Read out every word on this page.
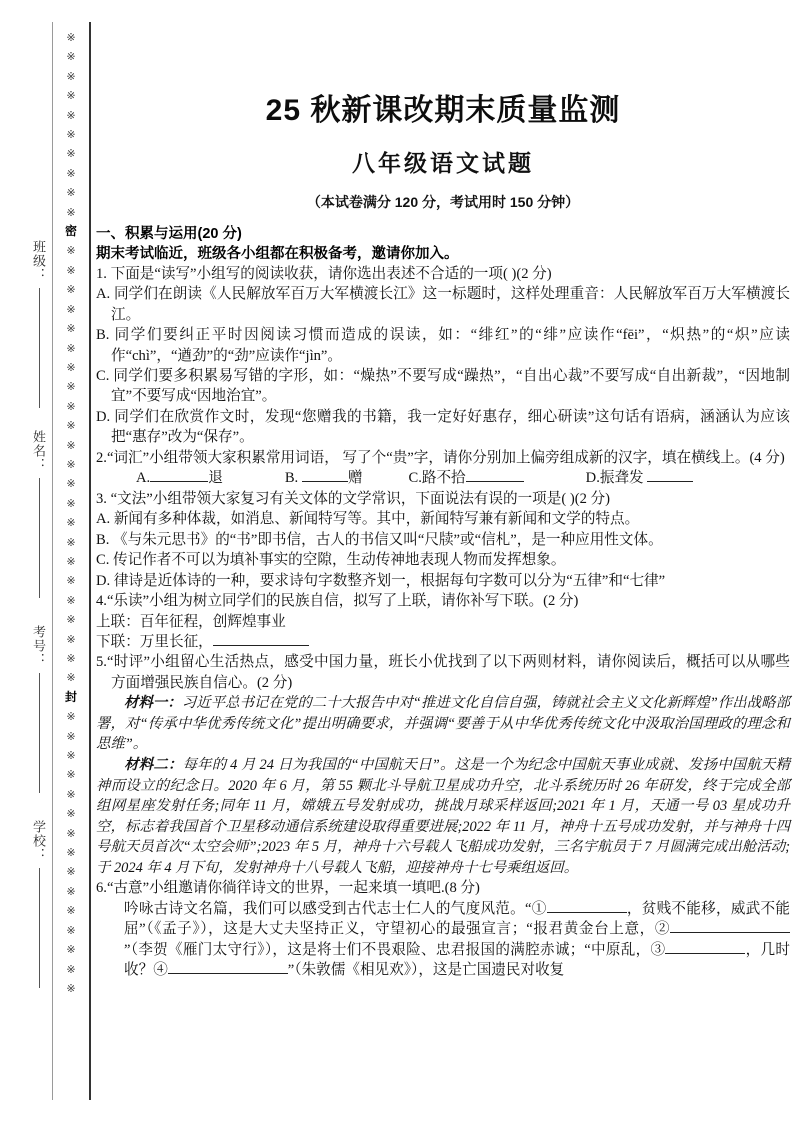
班级：
姓名：
考号：
学校：
※
※
※
※
※
※
※
※
※
※
密
※
※
※
※
※
※
※
※
※
※
※
※
※
※
※
※
※
※
※
※
※
※
※
封
※
※
※
※
※
※
※
※
※
※
※
※
※
※
※
25 秋新课改期末质量监测
八年级语文试题
（本试卷满分 120 分，考试用时 150 分钟）
一、积累与运用(20 分)
期末考试临近，班级各小组都在积极备考，邀请你加入。
1. 下面是“读写”小组写的阅读收获，请你选出表述不合适的一项( )(2 分)
A. 同学们在朗读《人民解放军百万大军横渡长江》这一标题时，这样处理重音：人民解放军百万大军横渡长江。
B. 同学们要纠正平时因阅读习惯而造成的误读，如：“绯红”的“绯”应读作“fēi”，“炽热”的“炽”应读作“chì”，“遒劲”的“劲”应读作“jìn”。
C. 同学们要多积累易写错的字形，如：“燥热”不要写成“躁热”，“自出心裁”不要写成“自出新裁”，“因地制宜”不要写成“因地治宜”。
D. 同学们在欣赏作文时，发现“您赠我的书籍，我一定好好惠存，细心研读”这句话有语病，涵涵认为应该把“惠存”改为“保存”。
2.“词汇”小组带领大家积累常用词语， 写了个“贵”字，请你分别加上偏旁组成新的汉字，填在横线上。(4 分)
A.	退	B.	赠	C.路不拾	D.振聋发
3. “文法”小组带领大家复习有关文体的文学常识，下面说法有误的一项是( )(2 分)
A. 新闻有多种体裁，如消息、新闻特写等。其中，新闻特写兼有新闻和文学的特点。
B. 《与朱元思书》的“书”即书信，古人的书信又叫“尺牍”或“信札”，是一种应用性文体。
C. 传记作者不可以为填补事实的空隙，生动传神地表现人物而发挥想象。
D. 律诗是近体诗的一种，要求诗句字数整齐划一，根据每句字数可以分为“五律”和“七律”
4.“乐读”小组为树立同学们的民族自信，拟写了上联，请你补写下联。(2 分)
上联：百年征程，创辉煌事业
下联：万里长征，
5.“时评”小组留心生活热点，感受中国力量，班长小优找到了以下两则材料，请你阅读后，概括可以从哪些方面增强民族自信心。(2 分)
材料一：习近平总书记在党的二十大报告中对“推进文化自信自强，铸就社会主义文化新辉煌”作出战略部署，对“传承中华优秀传统文化”提出明确要求，并强调“要善于从中华优秀传统文化中汲取治国理政的理念和思维”。
材料二：每年的 4 月 24 日为我国的“中国航天日”。这是一个为纪念中国航天事业成就、发扬中国航天精神而设立的纪念日。2020 年 6 月，第 55 颗北斗导航卫星成功升空，北斗系统历时 26 年研发，终于完成全部组网星座发射任务;同年 11 月，嫦娥五号发射成功，挑战月球采样返回;2021 年 1 月，天通一号 03 星成功升空，标志着我国首个卫星移动通信系统建设取得重要进展;2022 年 11 月，神舟十五号成功发射，并与神舟十四号航天员首次“太空会师”;2023 年 5 月，神舟十六号载人飞船成功发射，三名宇航员于 7 月圆满完成出舱活动;于 2024 年 4 月下旬，发射神舟十八号载人飞船，迎接神舟十七号乘组返回。
6.“古意”小组邀请你徜徉诗文的世界，一起来填一填吧.(8 分)
吟咏古诗文名篇，我们可以感受到古代志士仁人的气度风范。“①	，贫贱不能移，威武不能屈”（《孟子》），这是大丈夫坚持正义，守望初心的最强宣言；“报君黄金台上意，②”（李贺《雁门太守行》），这是将士们不畏艰险、忠君报国的满腔赤诚；“中原乱，③	，几时收？④	”（朱敦儒《相见欢》），这是亡国遗民对收复
